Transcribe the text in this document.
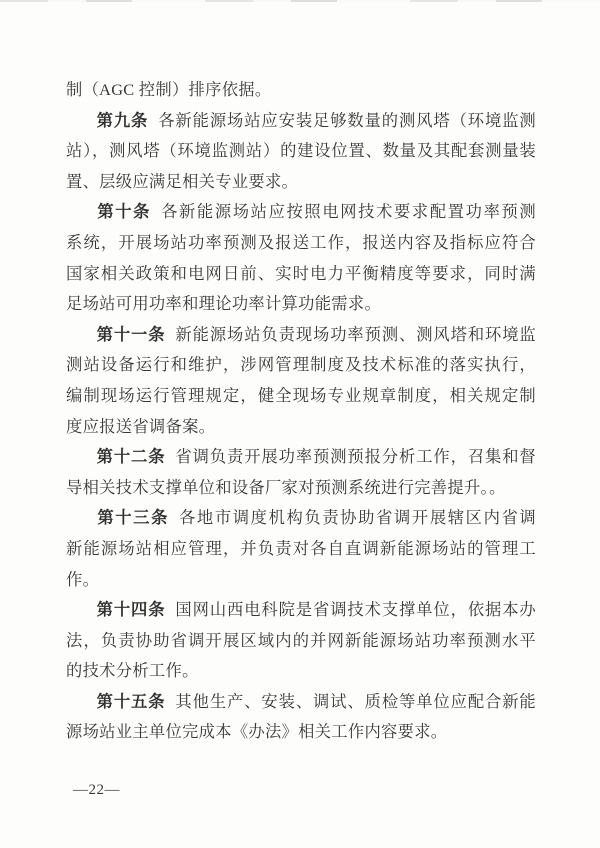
制（AGC 控制）排序依据。
第九条 各新能源场站应安装足够数量的测风塔（环境监测
站），测风塔（环境监测站）的建设位置、数量及其配套测量装
置、层级应满足相关专业要求。
第十条 各新能源场站应按照电网技术要求配置功率预测
系统，开展场站功率预测及报送工作，报送内容及指标应符合
国家相关政策和电网日前、实时电力平衡精度等要求，同时满
足场站可用功率和理论功率计算功能需求。
第十一条 新能源场站负责现场功率预测、测风塔和环境监
测站设备运行和维护，涉网管理制度及技术标准的落实执行，
编制现场运行管理规定，健全现场专业规章制度，相关规定制
度应报送省调备案。
第十二条 省调负责开展功率预测预报分析工作，召集和督
导相关技术支撑单位和设备厂家对预测系统进行完善提升。。
第十三条 各地市调度机构负责协助省调开展辖区内省调
新能源场站相应管理，并负责对各自直调新能源场站的管理工
作。
第十四条 国网山西电科院是省调技术支撑单位，依据本办
法，负责协助省调开展区域内的并网新能源场站功率预测水平
的技术分析工作。
第十五条 其他生产、安装、调试、质检等单位应配合新能
源场站业主单位完成本《办法》相关工作内容要求。
—22—
